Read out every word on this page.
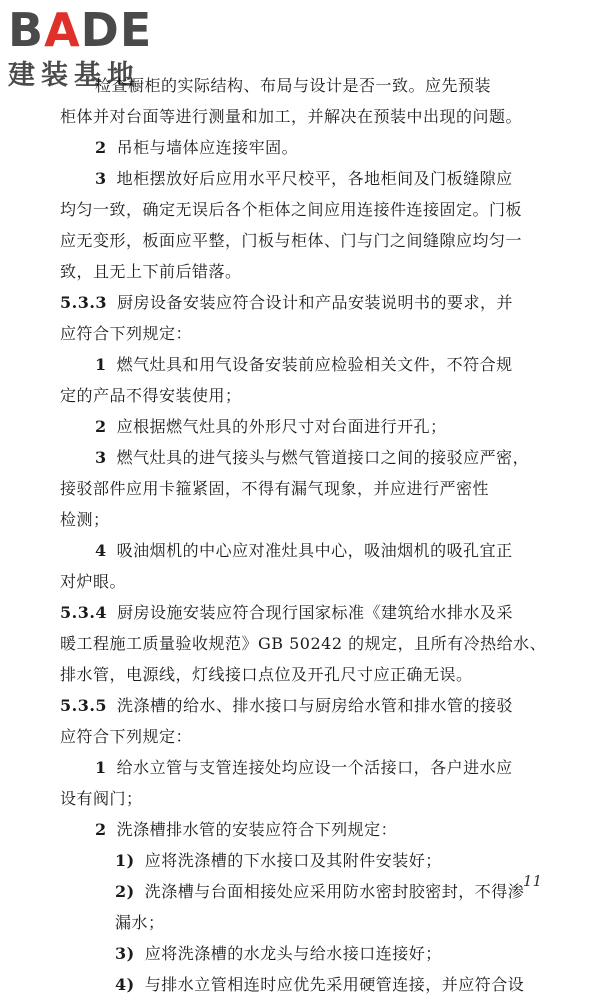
B A D E
建装基地
检查橱柜的实际结构、布局与设计是否一致。应先预装
柜体并对台面等进行测量和加工，并解决在预装中出现的问题。
2 吊柜与墙体应连接牢固。
3 地柜摆放好后应用水平尺校平，各地柜间及门板缝隙应
均匀一致，确定无误后各个柜体之间应用连接件连接固定。门板
应无变形，板面应平整，门板与柜体、门与门之间缝隙应均匀一
致，且无上下前后错落。
5.3.3 厨房设备安装应符合设计和产品安装说明书的要求，并
应符合下列规定：
1 燃气灶具和用气设备安装前应检验相关文件，不符合规
定的产品不得安装使用；
2 应根据燃气灶具的外形尺寸对台面进行开孔；
3 燃气灶具的进气接头与燃气管道接口之间的接驳应严密，
接驳部件应用卡箍紧固，不得有漏气现象，并应进行严密性
检测；
4 吸油烟机的中心应对准灶具中心，吸油烟机的吸孔宜正
对炉眼。
5.3.4 厨房设施安装应符合现行国家标准《建筑给水排水及采
暖工程施工质量验收规范》GB 50242 的规定，且所有冷热给水、
排水管，电源线，灯线接口点位及开孔尺寸应正确无误。
5.3.5 洗涤槽的给水、排水接口与厨房给水管和排水管的接驳
应符合下列规定：
1 给水立管与支管连接处均应设一个活接口，各户进水应
设有阀门；
2 洗涤槽排水管的安装应符合下列规定：
1) 应将洗涤槽的下水接口及其附件安装好；
2) 洗涤槽与台面相接处应采用防水密封胶密封，不得渗
漏水；
3) 应将洗涤槽的水龙头与给水接口连接好；
4) 与排水立管相连时应优先采用硬管连接，并应符合设
11
